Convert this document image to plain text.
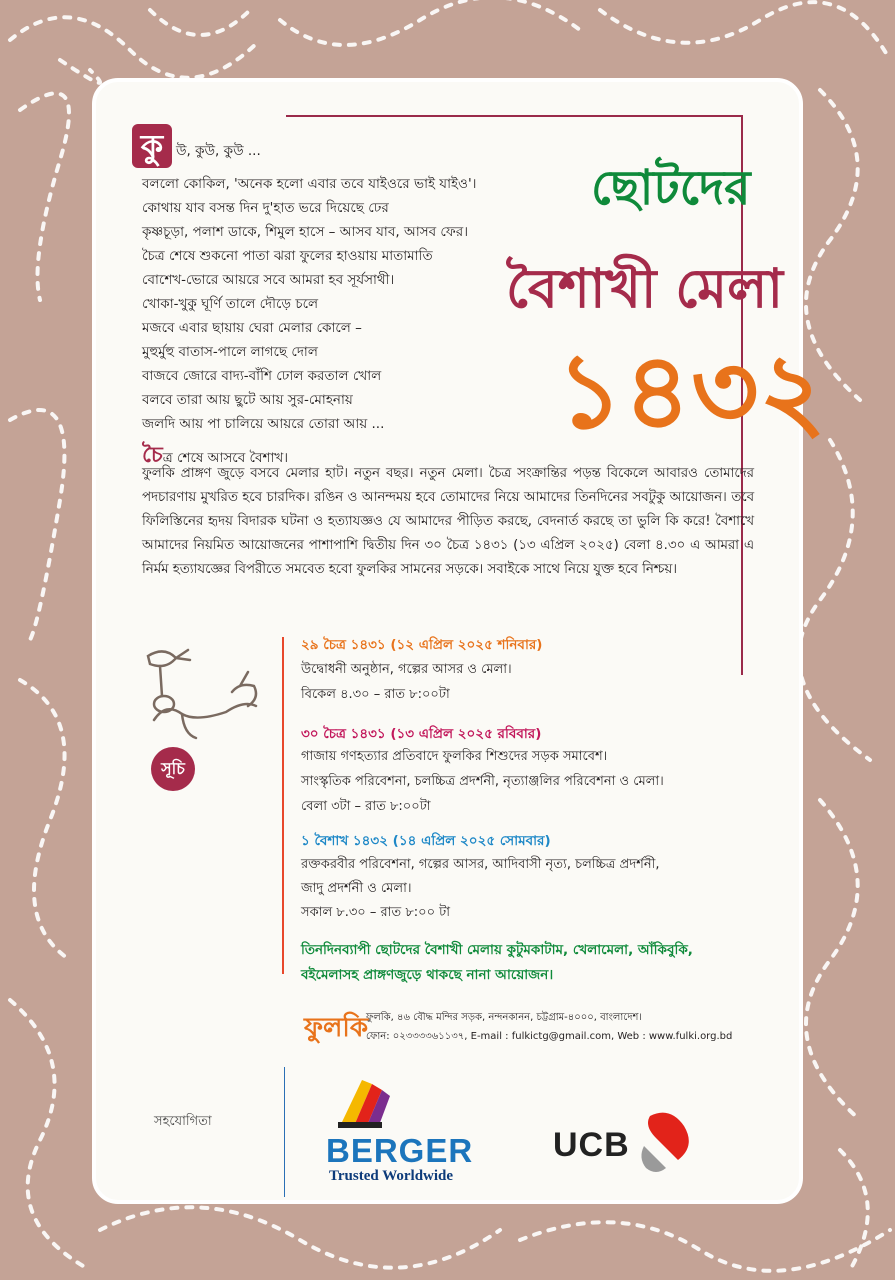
কু উ, কুউ, কুউ ...
বললো কোকিল, 'অনেক হলো এবার তবে যাইওরে ভাই যাইও'।
কোথায় যাব বসন্ত দিন দু'হাত ভরে দিয়েছে ঢের
কৃষ্ণচূড়া, পলাশ ডাকে, শিমুল হাসে – আসব যাব, আসব ফের।
চৈত্র শেষে শুকনো পাতা ঝরা ফুলের হাওয়ায় মাতামাতি
বোশেখ-ভোরে আয়রে সবে আমরা হব সূর্যসাথী।
খোকা-খুকু ঘূর্ণি তালে দৌড়ে চলে
মজবে এবার ছায়ায় ঘেরা মেলার কোলে –
মুহুর্মুহু বাতাস-পালে লাগছে দোল
বাজবে জোরে বাদ্য-বাঁশি ঢোল করতাল খোল
বলবে তারা আয় ছুটে আয় সুর-মোহনায়
জলদি আয় পা চালিয়ে আয়রে তোরা আয় ...
ছোটদের
বৈশাখী মেলা
১৪৩২
চৈত্র শেষে আসবে বৈশাখ।
ফুলকি প্রাঙ্গণ জুড়ে বসবে মেলার হাট। নতুন বছর। নতুন মেলা। চৈত্র সংক্রান্তির পড়ন্ত বিকেলে আবারও তোমাদের পদচারণায় মুখরিত হবে চারদিক। রঙিন ও আনন্দময় হবে তোমাদের নিয়ে আমাদের তিনদিনের সবটুকু আয়োজন। তবে ফিলিস্তিনের হৃদয় বিদারক ঘটনা ও হত্যাযজ্ঞও যে আমাদের পীড়িত করছে, বেদনার্ত করছে তা ভুলি কি করে! বৈশাখে আমাদের নিয়মিত আয়োজনের পাশাপাশি দ্বিতীয় দিন ৩০ চৈত্র ১৪৩১ (১৩ এপ্রিল ২০২৫) বেলা ৪.৩০ এ আমরা এ নির্মম হত্যাযজ্ঞের বিপরীতে সমবেত হবো ফুলকির সামনের সড়কে। সবাইকে সাথে নিয়ে যুক্ত হবে নিশ্চয়।
সূচি
২৯ চৈত্র ১৪৩১ (১২ এপ্রিল ২০২৫ শনিবার)
উদ্বোধনী অনুষ্ঠান, গল্পের আসর ও মেলা।
বিকেল ৪.৩০ – রাত ৮:০০টা
৩০ চৈত্র ১৪৩১ (১৩ এপ্রিল ২০২৫ রবিবার)
গাজায় গণহত্যার প্রতিবাদে ফুলকির শিশুদের সড়ক সমাবেশ।
সাংস্কৃতিক পরিবেশনা, চলচ্চিত্র প্রদর্শনী, নৃত্যাঞ্জলির পরিবেশনা ও মেলা।
বেলা ৩টা – রাত ৮:০০টা
১ বৈশাখ ১৪৩২ (১৪ এপ্রিল ২০২৫ সোমবার)
রক্তকরবীর পরিবেশনা, গল্পের আসর, আদিবাসী নৃত্য, চলচ্চিত্র প্রদর্শনী,
জাদু প্রদর্শনী ও মেলা।
সকাল ৮.৩০ – রাত ৮:০০ টা
তিনদিনব্যাপী ছোটদের বৈশাখী মেলায় কুটুমকাটাম, খেলামেলা, আঁকিবুকি,
বইমেলাসহ প্রাঙ্গণজুড়ে থাকছে নানা আয়োজন।
ফুলকি
ফুলকি, ৪৬ বৌদ্ধ মন্দির সড়ক, নন্দনকানন, চট্টগ্রাম-৪০০০, বাংলাদেশ।
ফোন: ০২৩৩৩৩৬১১৩৭, E-mail : fulkictg@gmail.com, Web : www.fulki.org.bd
সহযোগিতা
BERGER
Trusted Worldwide
UCB
